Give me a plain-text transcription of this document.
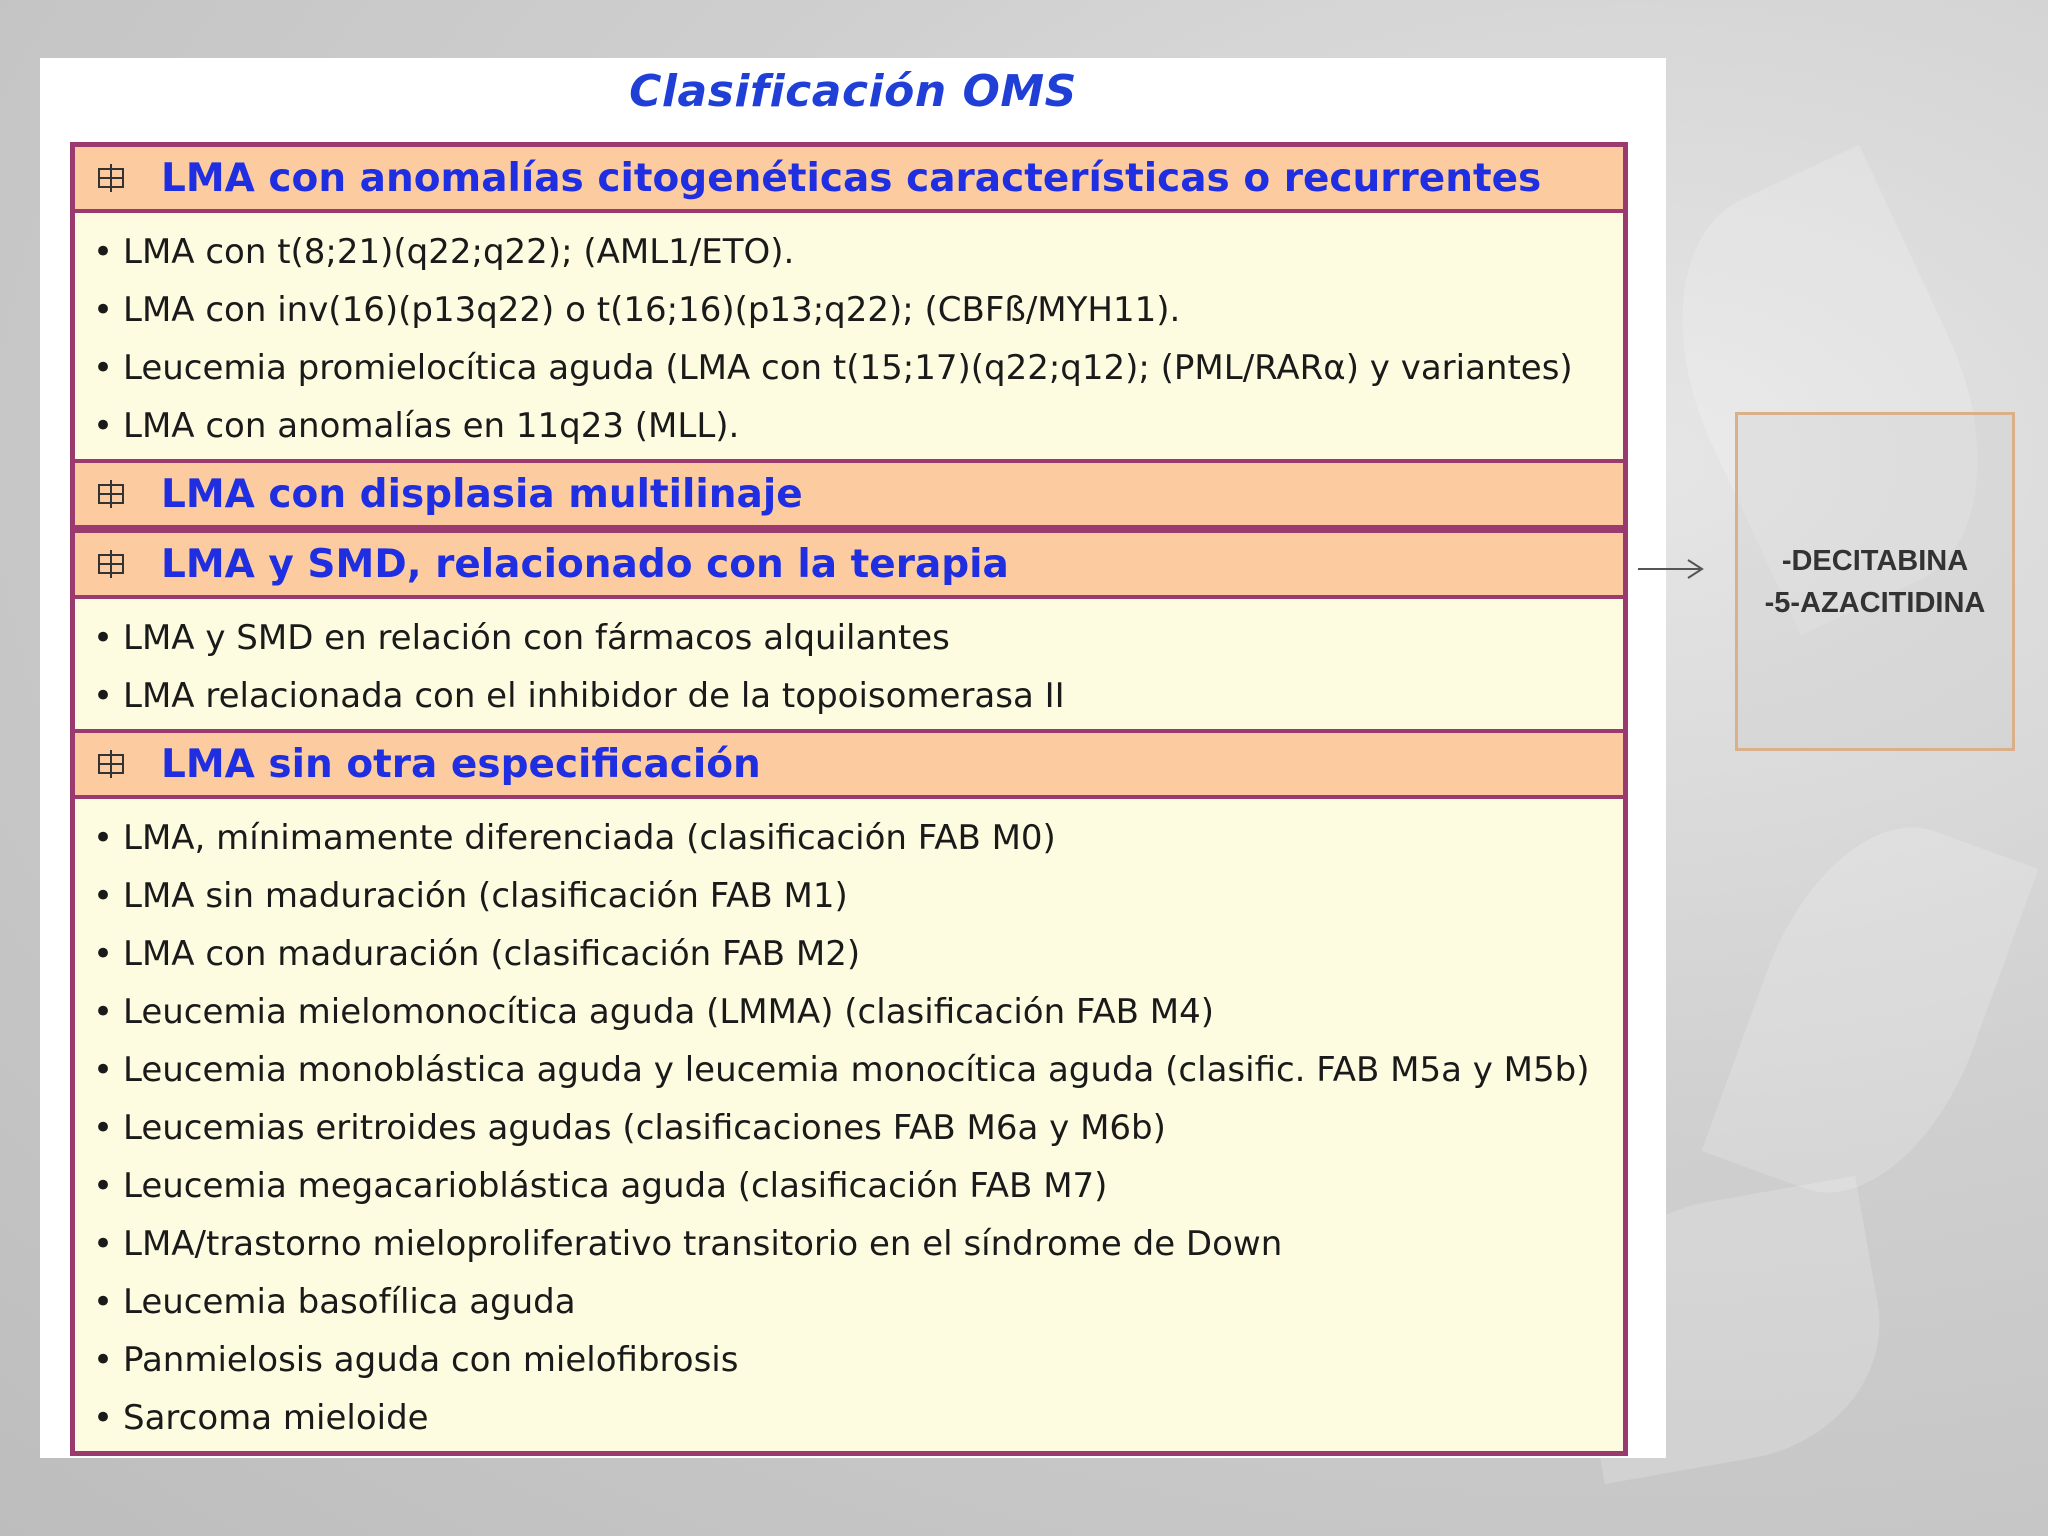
Clasificación OMS
LMA con anomalías citogenéticas características o recurrentes
• LMA con t(8;21)(q22;q22); (AML1/ETO).
• LMA con inv(16)(p13q22) o t(16;16)(p13;q22); (CBFß/MYH11).
• Leucemia promielocítica aguda (LMA con t(15;17)(q22;q12); (PML/RARα) y variantes)
• LMA con anomalías en 11q23 (MLL).
LMA con displasia multilinaje
LMA y SMD, relacionado con la terapia
• LMA y SMD en relación con fármacos alquilantes
• LMA relacionada con el inhibidor de la topoisomerasa II
LMA sin otra especificación
• LMA, mínimamente diferenciada (clasificación FAB M0)
• LMA sin maduración (clasificación FAB M1)
• LMA con maduración (clasificación FAB M2)
• Leucemia mielomonocítica aguda (LMMA) (clasificación FAB M4)
• Leucemia monoblástica aguda y leucemia monocítica aguda (clasific. FAB M5a y M5b)
• Leucemias eritroides agudas (clasificaciones FAB M6a y M6b)
• Leucemia megacarioblástica aguda (clasificación FAB M7)
• LMA/trastorno mieloproliferativo transitorio en el síndrome de Down
• Leucemia basofílica aguda
• Panmielosis aguda con mielofibrosis
• Sarcoma mieloide
-DECITABINA
-5-AZACITIDINA
